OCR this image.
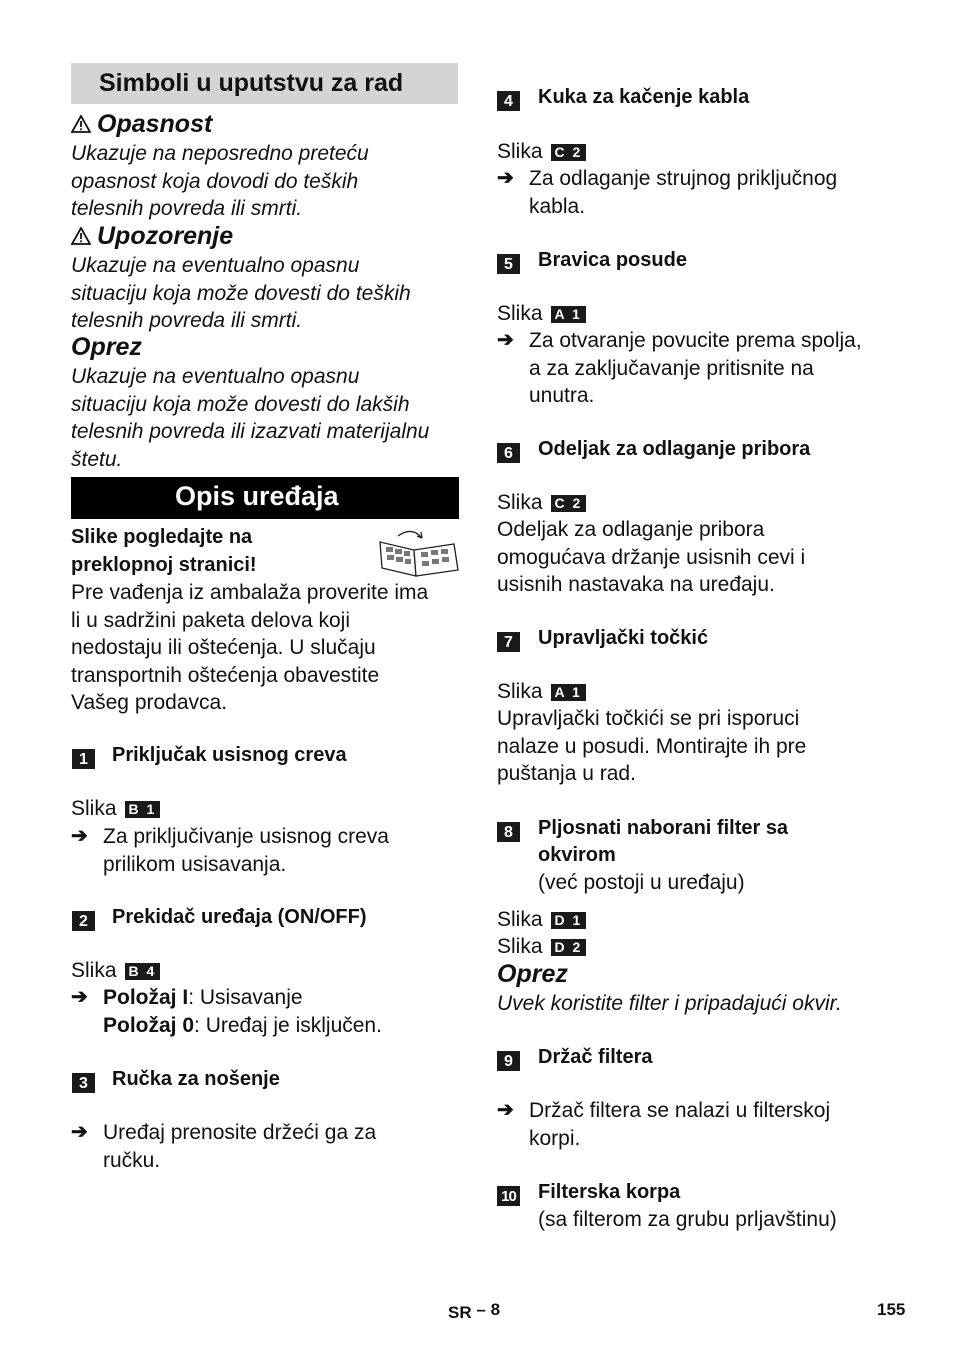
Simboli u uputstvu za rad
Opasnost
Ukazuje na neposredno preteću
opasnost koja dovodi do teških
telesnih povreda ili smrti.
Upozorenje
Ukazuje na eventualno opasnu
situaciju koja može dovesti do teških
telesnih povreda ili smrti.
Oprez
Ukazuje na eventualno opasnu
situaciju koja može dovesti do lakših
telesnih povreda ili izazvati materijalnu
štetu.
Opis uređaja
Slike pogledajte na
preklopnoj stranici!
Pre vađenja iz ambalaža proverite ima
li u sadržini paketa delova koji
nedostaju ili oštećenja. U slučaju
transportnih oštećenja obavestite
Vašeg prodavca.
1	Priključak usisnog creva
Slika B 1
➔ Za priključivanje usisnog creva
prilikom usisavanja.
2	Prekidač uređaja (ON/OFF)
Slika B 4
➔ Položaj I: Usisavanje
Položaj 0: Uređaj je isključen.
3	Ručka za nošenje
➔ Uređaj prenosite držeći ga za
ručku.
4	Kuka za kačenje kabla
Slika C 2
➔ Za odlaganje strujnog priključnog
kabla.
5	Bravica posude
Slika A 1
➔ Za otvaranje povucite prema spolja,
a za zaključavanje pritisnite na
unutra.
6	Odeljak za odlaganje pribora
Slika C 2
Odeljak za odlaganje pribora
omogućava držanje usisnih cevi i
usisnih nastavaka na uređaju.
7	Upravljački točkić
Slika A 1
Upravljački točkići se pri isporuci
nalaze u posudi. Montirajte ih pre
puštanja u rad.
8	Pljosnati naborani filter sa
okvirom
(već postoji u uređaju)
Slika D 1
Slika D 2
Oprez
Uvek koristite filter i pripadajući okvir.
9	Držač filtera
➔ Držač filtera se nalazi u filterskoj
korpi.
10 Filterska korpa
(sa filterom za grubu prljavštinu)
SR – 8	155
